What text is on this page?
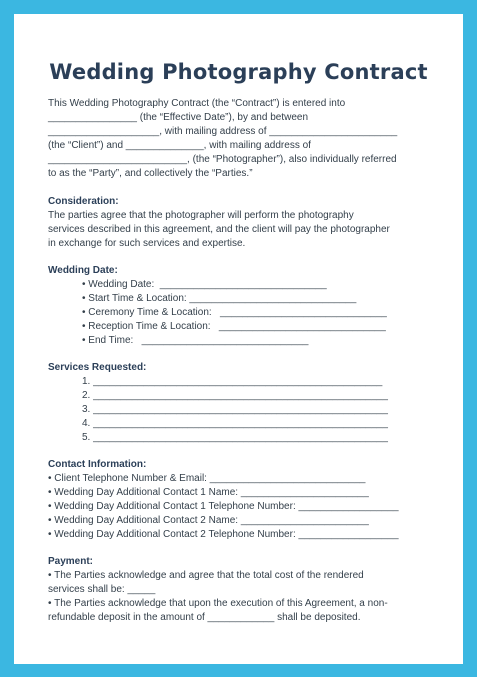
Wedding Photography Contract

This Wedding Photography Contract (the “Contract”) is entered into

________________ (the “Effective Date”), by and between

____________________, with mailing address of _______________________

(the “Client”) and ______________, with mailing address of

_________________________, (the “Photographer”), also individually referred

to as the “Party”, and collectively the “Parties.”

Consideration:

The parties agree that the photographer will perform the photography

services described in this agreement, and the client will pay the photographer

in exchange for such services and expertise.

Wedding Date:

• Wedding Date:  ______________________________

• Start Time & Location: ______________________________

• Ceremony Time & Location:   ______________________________

• Reception Time & Location:   ______________________________

• End Time:   ______________________________

Services Requested:

1. ____________________________________________________

2. _____________________________________________________

3. _____________________________________________________

4. _____________________________________________________

5. _____________________________________________________

Contact Information:

• Client Telephone Number & Email: ____________________________

• Wedding Day Additional Contact 1 Name: _______________________

• Wedding Day Additional Contact 1 Telephone Number: __________________

• Wedding Day Additional Contact 2 Name: _______________________

• Wedding Day Additional Contact 2 Telephone Number: __________________

Payment:

• The Parties acknowledge and agree that the total cost of the rendered

services shall be: _____

• The Parties acknowledge that upon the execution of this Agreement, a non-

refundable deposit in the amount of ____________ shall be deposited.
